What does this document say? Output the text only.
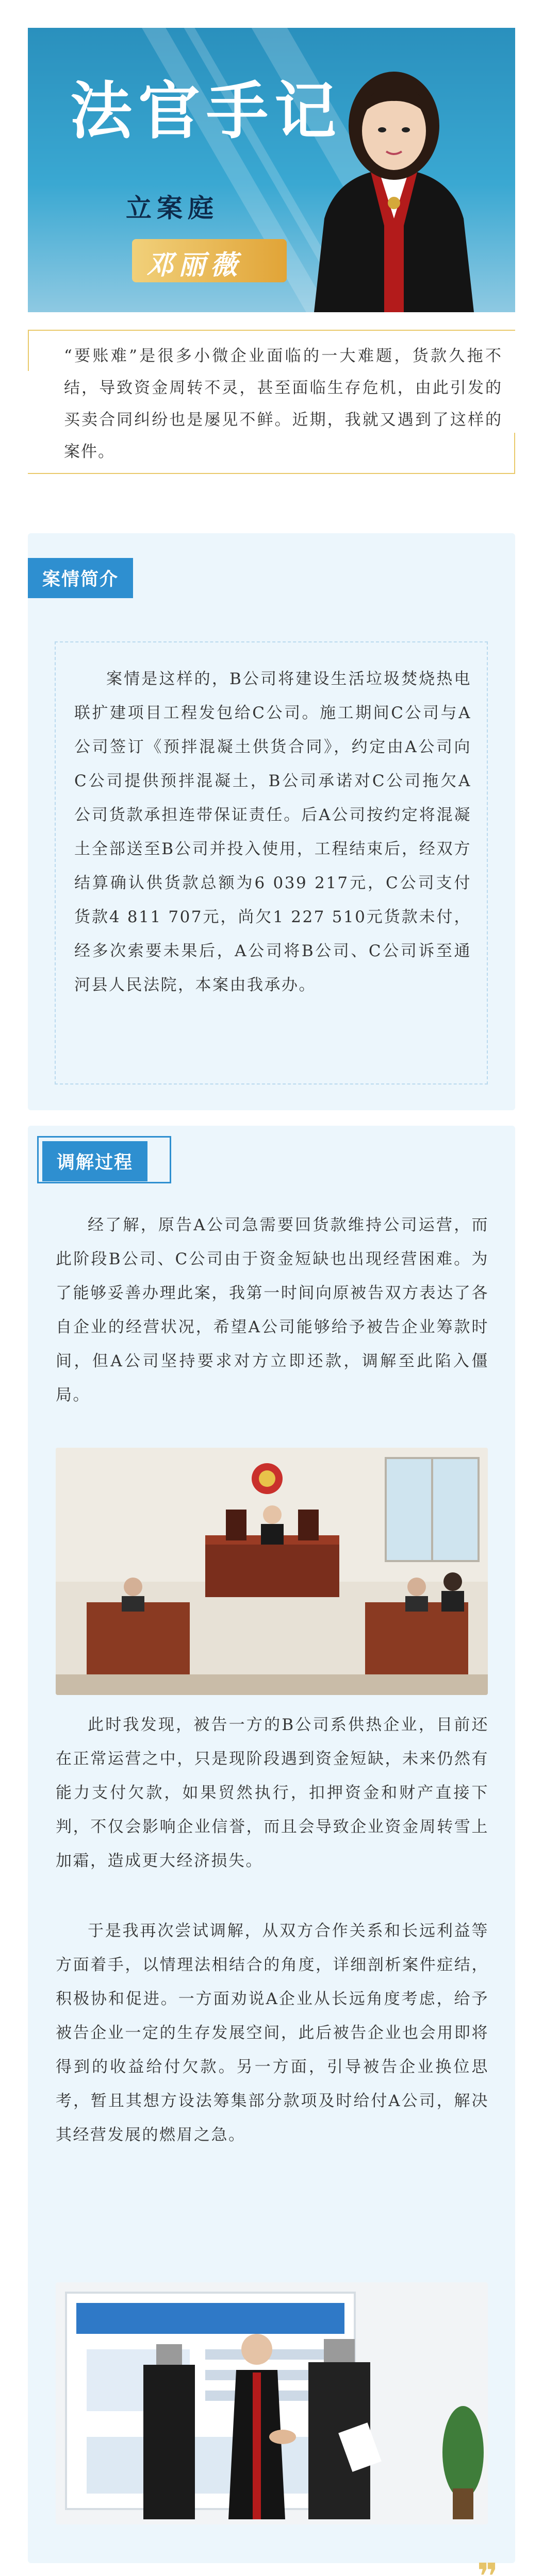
法官手记
立案庭
邓丽薇
“要账难”是很多小微企业面临的一大难题，货款久拖不结，导致资金周转不灵，甚至面临生存危机，由此引发的买卖合同纠纷也是屡见不鲜。近期，我就又遇到了这样的案件。
案情简介

案情是这样的，B公司将建设生活垃圾焚烧热电联扩建项目工程发包给C公司。施工期间C公司与A公司签订《预拌混凝土供货合同》，约定由A公司向C公司提供预拌混凝土，B公司承诺对C公司拖欠A公司货款承担连带保证责任。后A公司按约定将混凝土全部送至B公司并投入使用，工程结束后，经双方结算确认供货款总额为6 039 217元，C公司支付货款4 811 707元，尚欠1 227 510元货款未付，经多次索要未果后，A公司将B公司、C公司诉至通河县人民法院，本案由我承办。

调解过程

经了解，原告A公司急需要回货款维持公司运营，而此阶段B公司、C公司由于资金短缺也出现经营困难。为了能够妥善办理此案，我第一时间向原被告双方表达了各自企业的经营状况，希望A公司能够给予被告企业筹款时间，但A公司坚持要求对方立即还款，调解至此陷入僵局。

此时我发现，被告一方的B公司系供热企业，目前还在正常运营之中，只是现阶段遇到资金短缺，未来仍然有能力支付欠款，如果贸然执行，扣押资金和财产直接下判，不仅会影响企业信誉，而且会导致企业资金周转雪上加霜，造成更大经济损失。

于是我再次尝试调解，从双方合作关系和长远利益等方面着手，以情理法相结合的角度，详细剖析案件症结，积极协和促进。一方面劝说A企业从长远角度考虑，给予被告企业一定的生存发展空间，此后被告企业也会用即将得到的收益给付欠款。另一方面，引导被告企业换位思考，暂且其想方设法筹集部分款项及时给付A公司，解决其经营发展的燃眉之急。
